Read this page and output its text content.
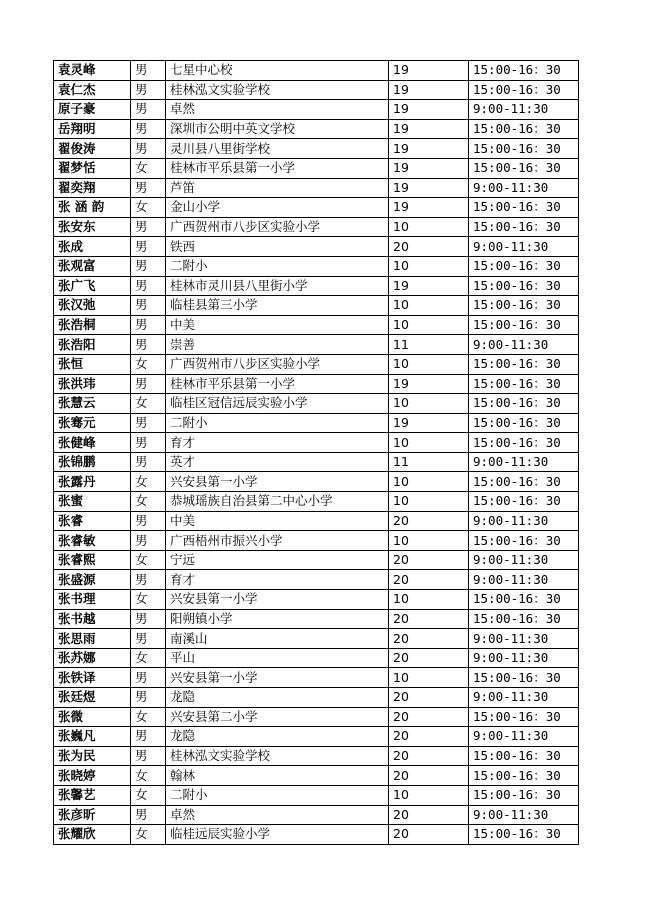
袁灵峰	男	七星中心校	19	15:00-16：30
袁仁杰	男	桂林泓文实验学校	19	15:00-16：30
原子豪	男	卓然	19	9:00-11:30
岳翔明	男	深圳市公明中英文学校	19	15:00-16：30
翟俊涛	男	灵川县八里街学校	19	15:00-16：30
翟梦恬	女	桂林市平乐县第一小学	19	15:00-16：30
翟奕翔	男	芦笛	19	9:00-11:30
张 涵 韵	女	金山小学	19	15:00-16：30
张安东	男	广西贺州市八步区实验小学	10	15:00-16：30
张成	男	铁西	20	9:00-11:30
张观富	男	二附小	10	15:00-16：30
张广飞	男	桂林市灵川县八里街小学	19	15:00-16：30
张汉弛	男	临桂县第三小学	10	15:00-16：30
张浩桐	男	中美	10	15:00-16：30
张浩阳	男	崇善	11	9:00-11:30
张恒	女	广西贺州市八步区实验小学	10	15:00-16：30
张洪玮	男	桂林市平乐县第一小学	19	15:00-16：30
张慧云	女	临桂区冠信远辰实验小学	10	15:00-16：30
张骞元	男	二附小	19	15:00-16：30
张健峰	男	育才	10	15:00-16：30
张锦鹏	男	英才	11	9:00-11:30
张露丹	女	兴安县第一小学	10	15:00-16：30
张蜜	女	恭城瑶族自治县第二中心小学	10	15:00-16：30
张睿	男	中美	20	9:00-11:30
张睿敏	男	广西梧州市振兴小学	10	15:00-16：30
张睿熙	女	宁远	20	9:00-11:30
张盛源	男	育才	20	9:00-11:30
张书理	女	兴安县第一小学	10	15:00-16：30
张书越	男	阳朔镇小学	20	15:00-16：30
张思雨	男	南溪山	20	9:00-11:30
张苏娜	女	平山	20	9:00-11:30
张铁译	男	兴安县第一小学	10	15:00-16：30
张廷煜	男	龙隐	20	9:00-11:30
张微	女	兴安县第二小学	20	15:00-16：30
张巍凡	男	龙隐	20	9:00-11:30
张为民	男	桂林泓文实验学校	20	15:00-16：30
张晓婷	女	翰林	20	15:00-16：30
张馨艺	女	二附小	10	15:00-16：30
张彦昕	男	卓然	20	9:00-11:30
张耀欣	女	临桂远辰实验小学	20	15:00-16：30
